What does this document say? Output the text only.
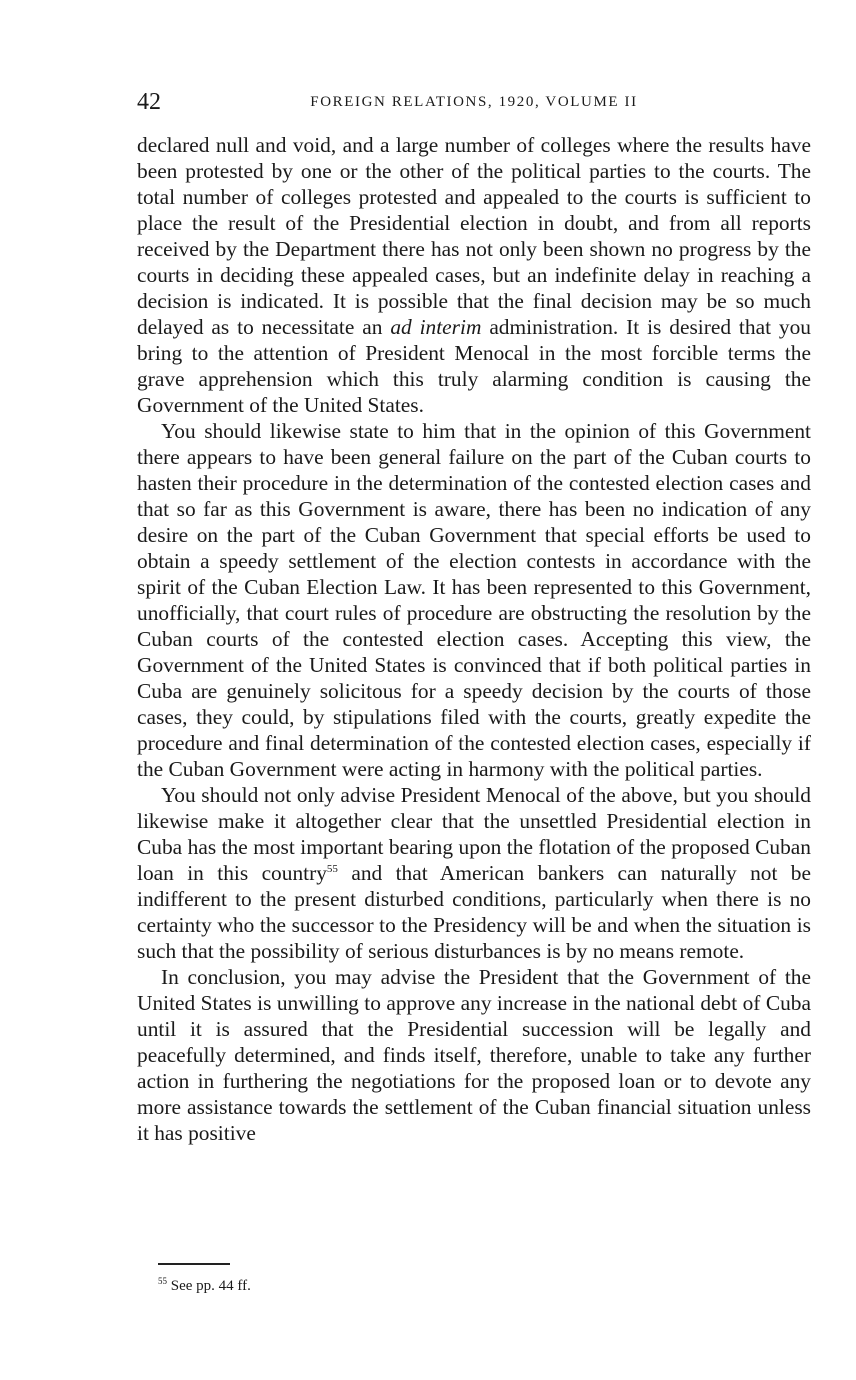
42	FOREIGN RELATIONS, 1920, VOLUME II

declared null and void, and a large number of colleges where the results have been protested by one or the other of the political parties to the courts. The total number of colleges protested and appealed to the courts is sufficient to place the result of the Presidential election in doubt, and from all reports received by the Department there has not only been shown no progress by the courts in deciding these appealed cases, but an indefinite delay in reaching a decision is indicated. It is possible that the final decision may be so much delayed as to necessitate an ad interim administration. It is desired that you bring to the attention of President Menocal in the most forcible terms the grave apprehension which this truly alarming condition is causing the Government of the United States.

You should likewise state to him that in the opinion of this Government there appears to have been general failure on the part of the Cuban courts to hasten their procedure in the determination of the contested election cases and that so far as this Government is aware, there has been no indication of any desire on the part of the Cuban Government that special efforts be used to obtain a speedy settlement of the election contests in accordance with the spirit of the Cuban Election Law. It has been represented to this Government, unofficially, that court rules of procedure are obstructing the resolution by the Cuban courts of the contested election cases. Accepting this view, the Government of the United States is convinced that if both political parties in Cuba are genuinely solicitous for a speedy decision by the courts of those cases, they could, by stipulations filed with the courts, greatly expedite the procedure and final determination of the contested election cases, especially if the Cuban Government were acting in harmony with the political parties.

You should not only advise President Menocal of the above, but you should likewise make it altogether clear that the unsettled Presidential election in Cuba has the most important bearing upon the flotation of the proposed Cuban loan in this country$^{55}$ and that American bankers can naturally not be indifferent to the present disturbed conditions, particularly when there is no certainty who the successor to the Presidency will be and when the situation is such that the possibility of serious disturbances is by no means remote.

In conclusion, you may advise the President that the Government of the United States is unwilling to approve any increase in the national debt of Cuba until it is assured that the Presidential succession will be legally and peacefully determined, and finds itself, therefore, unable to take any further action in furthering the negotiations for the proposed loan or to devote any more assistance towards the settlement of the Cuban financial situation unless it has positive

$^{55}$ See pp. 44 ff.
